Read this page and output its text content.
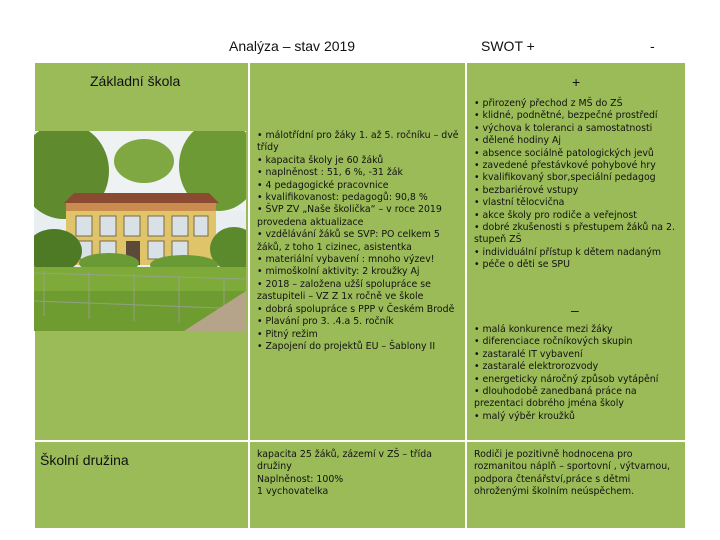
Analýza – stav 2019	SWOT +	-
Základní škola
Školní družina
• málotřídní pro žáky 1. až 5. ročníku – dvě třídy
• kapacita školy je 60 žáků
• naplněnost : 51, 6 %, -31 žák
• 4 pedagogické pracovnice
• kvalifikovanost: pedagogů: 90,8 %
• ŠVP ZV „Naše školička“ – v roce 2019 provedena aktualizace
• vzdělávání žáků se SVP: PO celkem 5 žáků, z toho 1 cizinec, asistentka
• materiální vybavení : mnoho výzev!
• mimoškolní aktivity: 2 kroužky Aj
• 2018 – založena užší spolupráce se zastupiteli – VZ Z 1x ročně ve škole
• dobrá spolupráce s PPP v Českém Brodě
• Plavání pro 3. .4.a 5. ročník
• Pitný režim
• Zapojení do projektů EU – Šablony II
+
• přirozený přechod z MŠ do ZŠ
• klidné, podnětné, bezpečné prostředí
• výchova k toleranci a samostatnosti
• dělené hodiny Aj
• absence sociálně patologických jevů
• zavedené přestávkové pohybové hry
• kvalifikovaný sbor,speciální pedagog
• bezbariérové vstupy
• vlastní tělocvična
• akce školy pro rodiče a veřejnost
• dobré zkušenosti s přestupem žáků na 2. stupeň ZŠ
• individuální přístup k dětem nadaným
• péče o děti se SPU
–
• malá konkurence mezi žáky
• diferenciace ročníkových skupin
• zastaralé IT vybavení
• zastaralé elektrorozvody
• energeticky náročný způsob vytápění
• dlouhodobě zanedbaná práce na prezentaci dobrého jména školy
• malý výběr kroužků
kapacita 25 žáků, zázemí v ZŠ – třída družiny
Naplněnost: 100%
1 vychovatelka
Rodiči je pozitivně hodnocena pro rozmanitou náplň – sportovní , výtvarnou, podpora čtenářství,práce s dětmi ohroženými školním neúspěchem.
